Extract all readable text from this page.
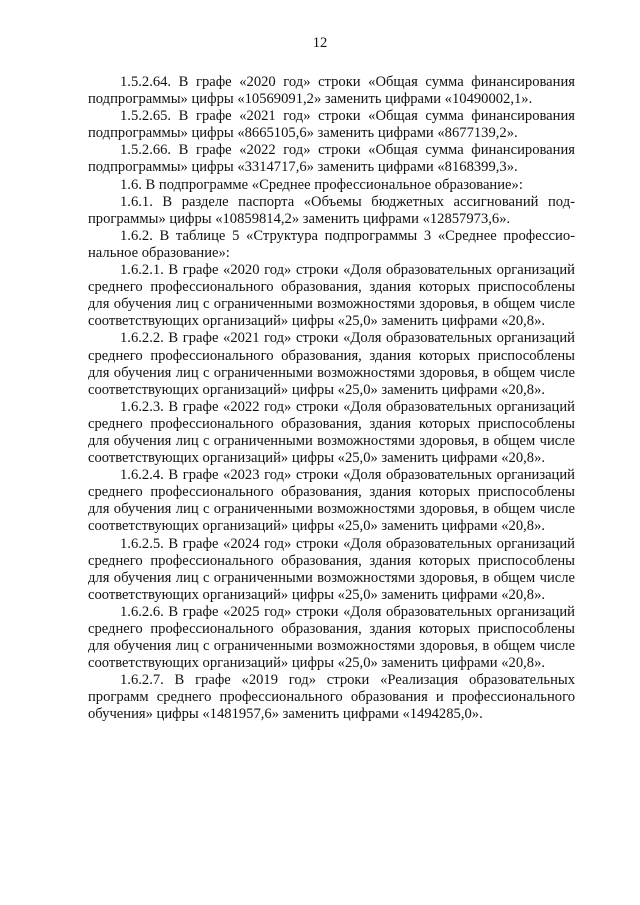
12

1.5.2.64. В графе «2020 год» строки «Общая сумма финансирования подпрограммы» цифры «10569091,2» заменить цифрами «10490002,1».

1.5.2.65. В графе «2021 год» строки «Общая сумма финансирования подпрограммы» цифры «8665105,6» заменить цифрами «8677139,2».

1.5.2.66. В графе «2022 год» строки «Общая сумма финансирования подпрограммы» цифры «3314717,6» заменить цифрами «8168399,3».

1.6. В подпрограмме «Среднее профессиональное образование»:

1.6.1. В разделе паспорта «Объемы бюджетных ассигнований подпрограммы» цифры «10859814,2» заменить цифрами «12857973,6».

1.6.2. В таблице 5 «Структура подпрограммы 3 «Среднее профессиональное образование»:

1.6.2.1. В графе «2020 год» строки «Доля образовательных организаций среднего профессионального образования, здания которых приспособлены для обучения лиц с ограниченными возможностями здоровья, в общем числе соответствующих организаций» цифры «25,0» заменить цифрами «20,8».

1.6.2.2. В графе «2021 год» строки «Доля образовательных организаций среднего профессионального образования, здания которых приспособлены для обучения лиц с ограниченными возможностями здоровья, в общем числе соответствующих организаций» цифры «25,0» заменить цифрами «20,8».

1.6.2.3. В графе «2022 год» строки «Доля образовательных организаций среднего профессионального образования, здания которых приспособлены для обучения лиц с ограниченными возможностями здоровья, в общем числе соответствующих организаций» цифры «25,0» заменить цифрами «20,8».

1.6.2.4. В графе «2023 год» строки «Доля образовательных организаций среднего профессионального образования, здания которых приспособлены для обучения лиц с ограниченными возможностями здоровья, в общем числе соответствующих организаций» цифры «25,0» заменить цифрами «20,8».

1.6.2.5. В графе «2024 год» строки «Доля образовательных организаций среднего профессионального образования, здания которых приспособлены для обучения лиц с ограниченными возможностями здоровья, в общем числе соответствующих организаций» цифры «25,0» заменить цифрами «20,8».

1.6.2.6. В графе «2025 год» строки «Доля образовательных организаций среднего профессионального образования, здания которых приспособлены для обучения лиц с ограниченными возможностями здоровья, в общем числе соответствующих организаций» цифры «25,0» заменить цифрами «20,8».

1.6.2.7. В графе «2019 год» строки «Реализация образовательных программ среднего профессионального образования и профессионального обучения» цифры «1481957,6» заменить цифрами «1494285,0».
